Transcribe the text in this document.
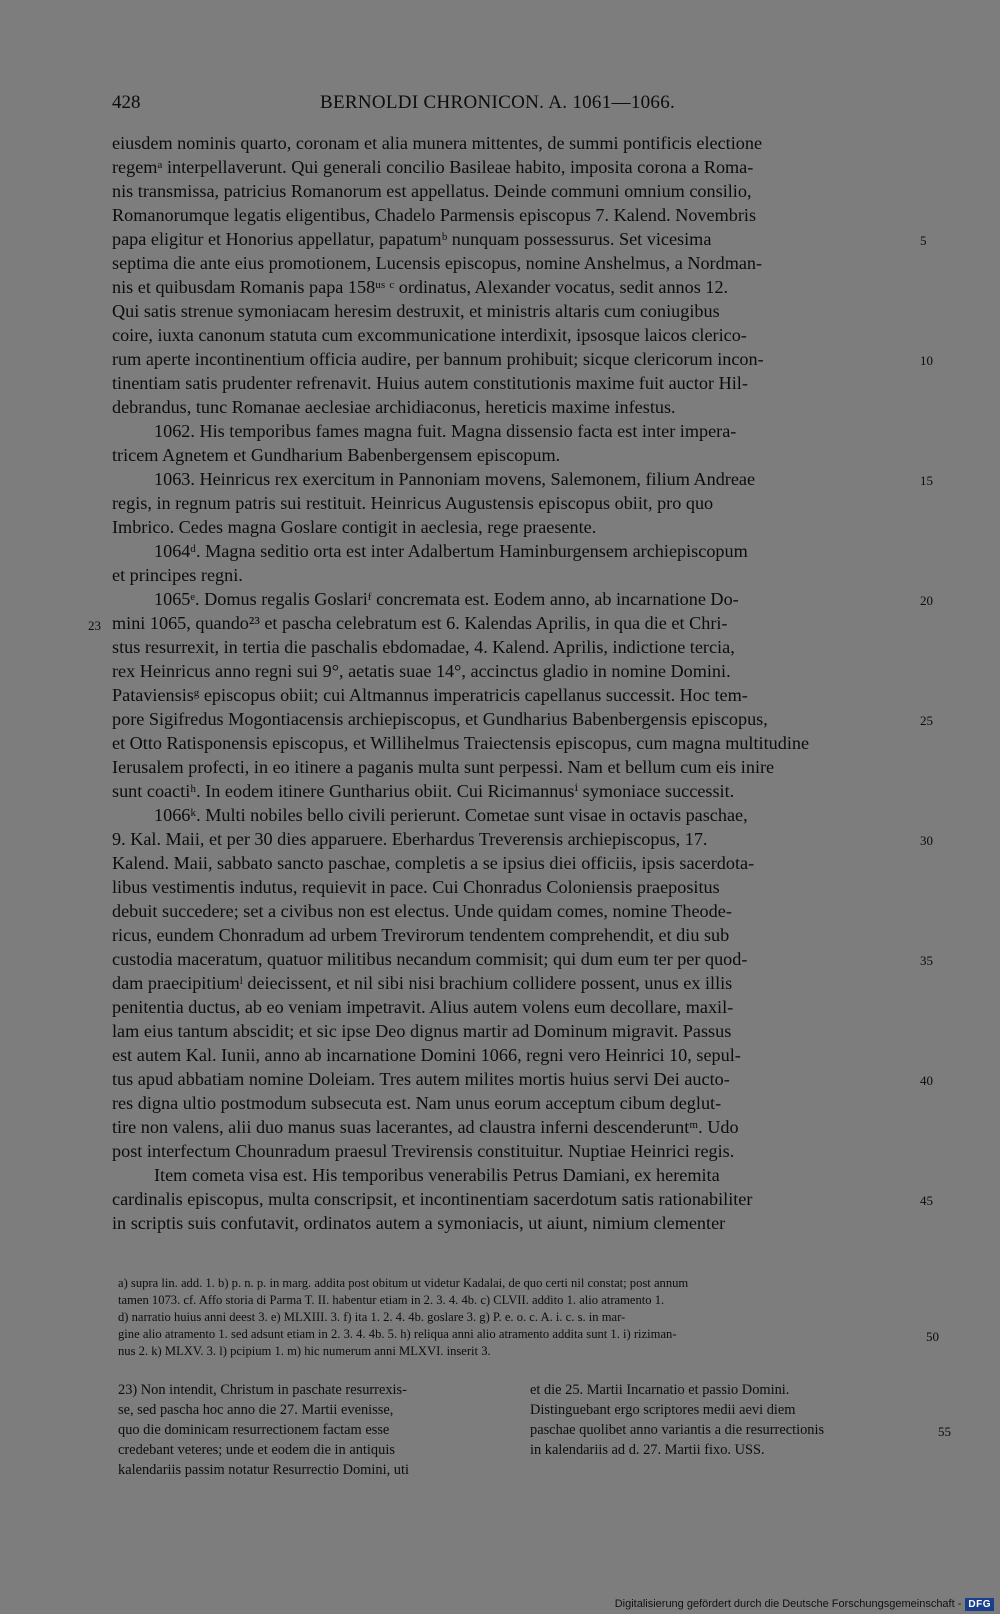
428	BERNOLDI CHRONICON. A. 1061—1066.
eiusdem nominis quarto, coronam et alia munera mittentes, de summi pontificis electione
regemᵃ interpellaverunt. Qui generali concilio Basileae habito, imposita corona a Roma-
nis transmissa, patricius Romanorum est appellatus. Deinde communi omnium consilio,
Romanorumque legatis eligentibus, Chadelo Parmensis episcopus 7. Kalend. Novembris
papa eligitur et Honorius appellatur, papatumᵇ nunquam possessurus. Set vicesima	5
septima die ante eius promotionem, Lucensis episcopus, nomine Anshelmus, a Nordman-
nis et quibusdam Romanis papa 158ᵘˢ ᶜ ordinatus, Alexander vocatus, sedit annos 12.
Qui satis strenue symoniacam heresim destruxit, et ministris altaris cum coniugibus
coire, iuxta canonum statuta cum excommunicatione interdixit, ipsosque laicos clerico-
rum aperte incontinentium officia audire, per bannum prohibuit; sicque clericorum incon-	10
tinentiam satis prudenter refrenavit. Huius autem constitutionis maxime fuit auctor Hil-
debrandus, tunc Romanae aeclesiae archidiaconus, hereticis maxime infestus.
1062. His temporibus fames magna fuit. Magna dissensio facta est inter impera-
tricem Agnetem et Gundharium Babenbergensem episcopum.
1063. Heinricus rex exercitum in Pannoniam movens, Salemonem, filium Andreae	15
regis, in regnum patris sui restituit. Heinricus Augustensis episcopus obiit, pro quo
Imbrico. Cedes magna Goslare contigit in aeclesia, rege praesente.
1064ᵈ. Magna seditio orta est inter Adalbertum Haminburgensem archiepiscopum
et principes regni.
1065ᵉ. Domus regalis Goslariᶠ concremata est. Eodem anno, ab incarnatione Do-	20
mini 1065, quando²³ et pascha celebratum est 6. Kalendas Aprilis, in qua die et Chri-
23
stus resurrexit, in tertia die paschalis ebdomadae, 4. Kalend. Aprilis, indictione tercia,
rex Heinricus anno regni sui 9°, aetatis suae 14°, accinctus gladio in nomine Domini.
Pataviensisᵍ episcopus obiit; cui Altmannus imperatricis capellanus successit. Hoc tem-
pore Sigifredus Mogontiacensis archiepiscopus, et Gundharius Babenbergensis episcopus,	25
et Otto Ratisponensis episcopus, et Willihelmus Traiectensis episcopus, cum magna multitudine
Ierusalem profecti, in eo itinere a paganis multa sunt perpessi. Nam et bellum cum eis inire
sunt coactiʰ. In eodem itinere Guntharius obiit. Cui Ricimannusⁱ symoniace successit.
1066ᵏ. Multi nobiles bello civili perierunt. Cometae sunt visae in octavis paschae,
9. Kal. Maii, et per 30 dies apparuere. Eberhardus Treverensis archiepiscopus, 17.	30
Kalend. Maii, sabbato sancto paschae, completis a se ipsius diei officiis, ipsis sacerdota-
libus vestimentis indutus, requievit in pace. Cui Chonradus Coloniensis praepositus
debuit succedere; set a civibus non est electus. Unde quidam comes, nomine Theode-
ricus, eundem Chonradum ad urbem Trevirorum tendentem comprehendit, et diu sub
custodia maceratum, quatuor militibus necandum commisit; qui dum eum ter per quod-	35
dam praecipitiumˡ deiecissent, et nil sibi nisi brachium collidere possent, unus ex illis
penitentia ductus, ab eo veniam impetravit. Alius autem volens eum decollare, maxil-
lam eius tantum abscidit; et sic ipse Deo dignus martir ad Dominum migravit. Passus
est autem Kal. Iunii, anno ab incarnatione Domini 1066, regni vero Heinrici 10, sepul-
tus apud abbatiam nomine Doleiam. Tres autem milites mortis huius servi Dei aucto-	40
res digna ultio postmodum subsecuta est. Nam unus eorum acceptum cibum deglut-
tire non valens, alii duo manus suas lacerantes, ad claustra inferni descenderuntᵐ. Udo
post interfectum Chounradum praesul Trevirensis constituitur. Nuptiae Heinrici regis.
Item cometa visa est. His temporibus venerabilis Petrus Damiani, ex heremita
cardinalis episcopus, multa conscripsit, et incontinentiam sacerdotum satis rationabiliter	45
in scriptis suis confutavit, ordinatos autem a symoniacis, ut aiunt, nimium clementer
a) supra lin. add. 1. b) p. n. p. in marg. addita post obitum ut videtur Kadalai, de quo certi nil constat; post annum
tamen 1073. cf. Affo storia di Parma T. II. habentur etiam in 2. 3. 4. 4b. c) CLVII. addito 1. alio atramento 1.
d) narratio huius anni deest 3. e) MLXIII. 3. f) ita 1. 2. 4. 4b. goslare 3. g) P. e. o. c. A. i. c. s. in mar-
gine alio atramento 1. sed adsunt etiam in 2. 3. 4. 4b. 5. h) reliqua anni alio atramento addita sunt 1. i) riziman-	50
nus 2. k) MLXV. 3. l) pcipium 1. m) hic numerum anni MLXVI. inserit 3.
23) Non intendit, Christum in paschate resurrexis-
se, sed pascha hoc anno die 27. Martii evenisse,
quo die dominicam resurrectionem factam esse
credebant veteres; unde et eodem die in antiquis
kalendariis passim notatur Resurrectio Domini, uti
et die 25. Martii Incarnatio et passio Domini.
Distinguebant ergo scriptores medii aevi diem
paschae quolibet anno variantis a die resurrectionis
in kalendariis ad d. 27. Martii fixo. USS.
55
Digitalisierung gefördert durch die Deutsche Forschungsgemeinschaft - DFG
